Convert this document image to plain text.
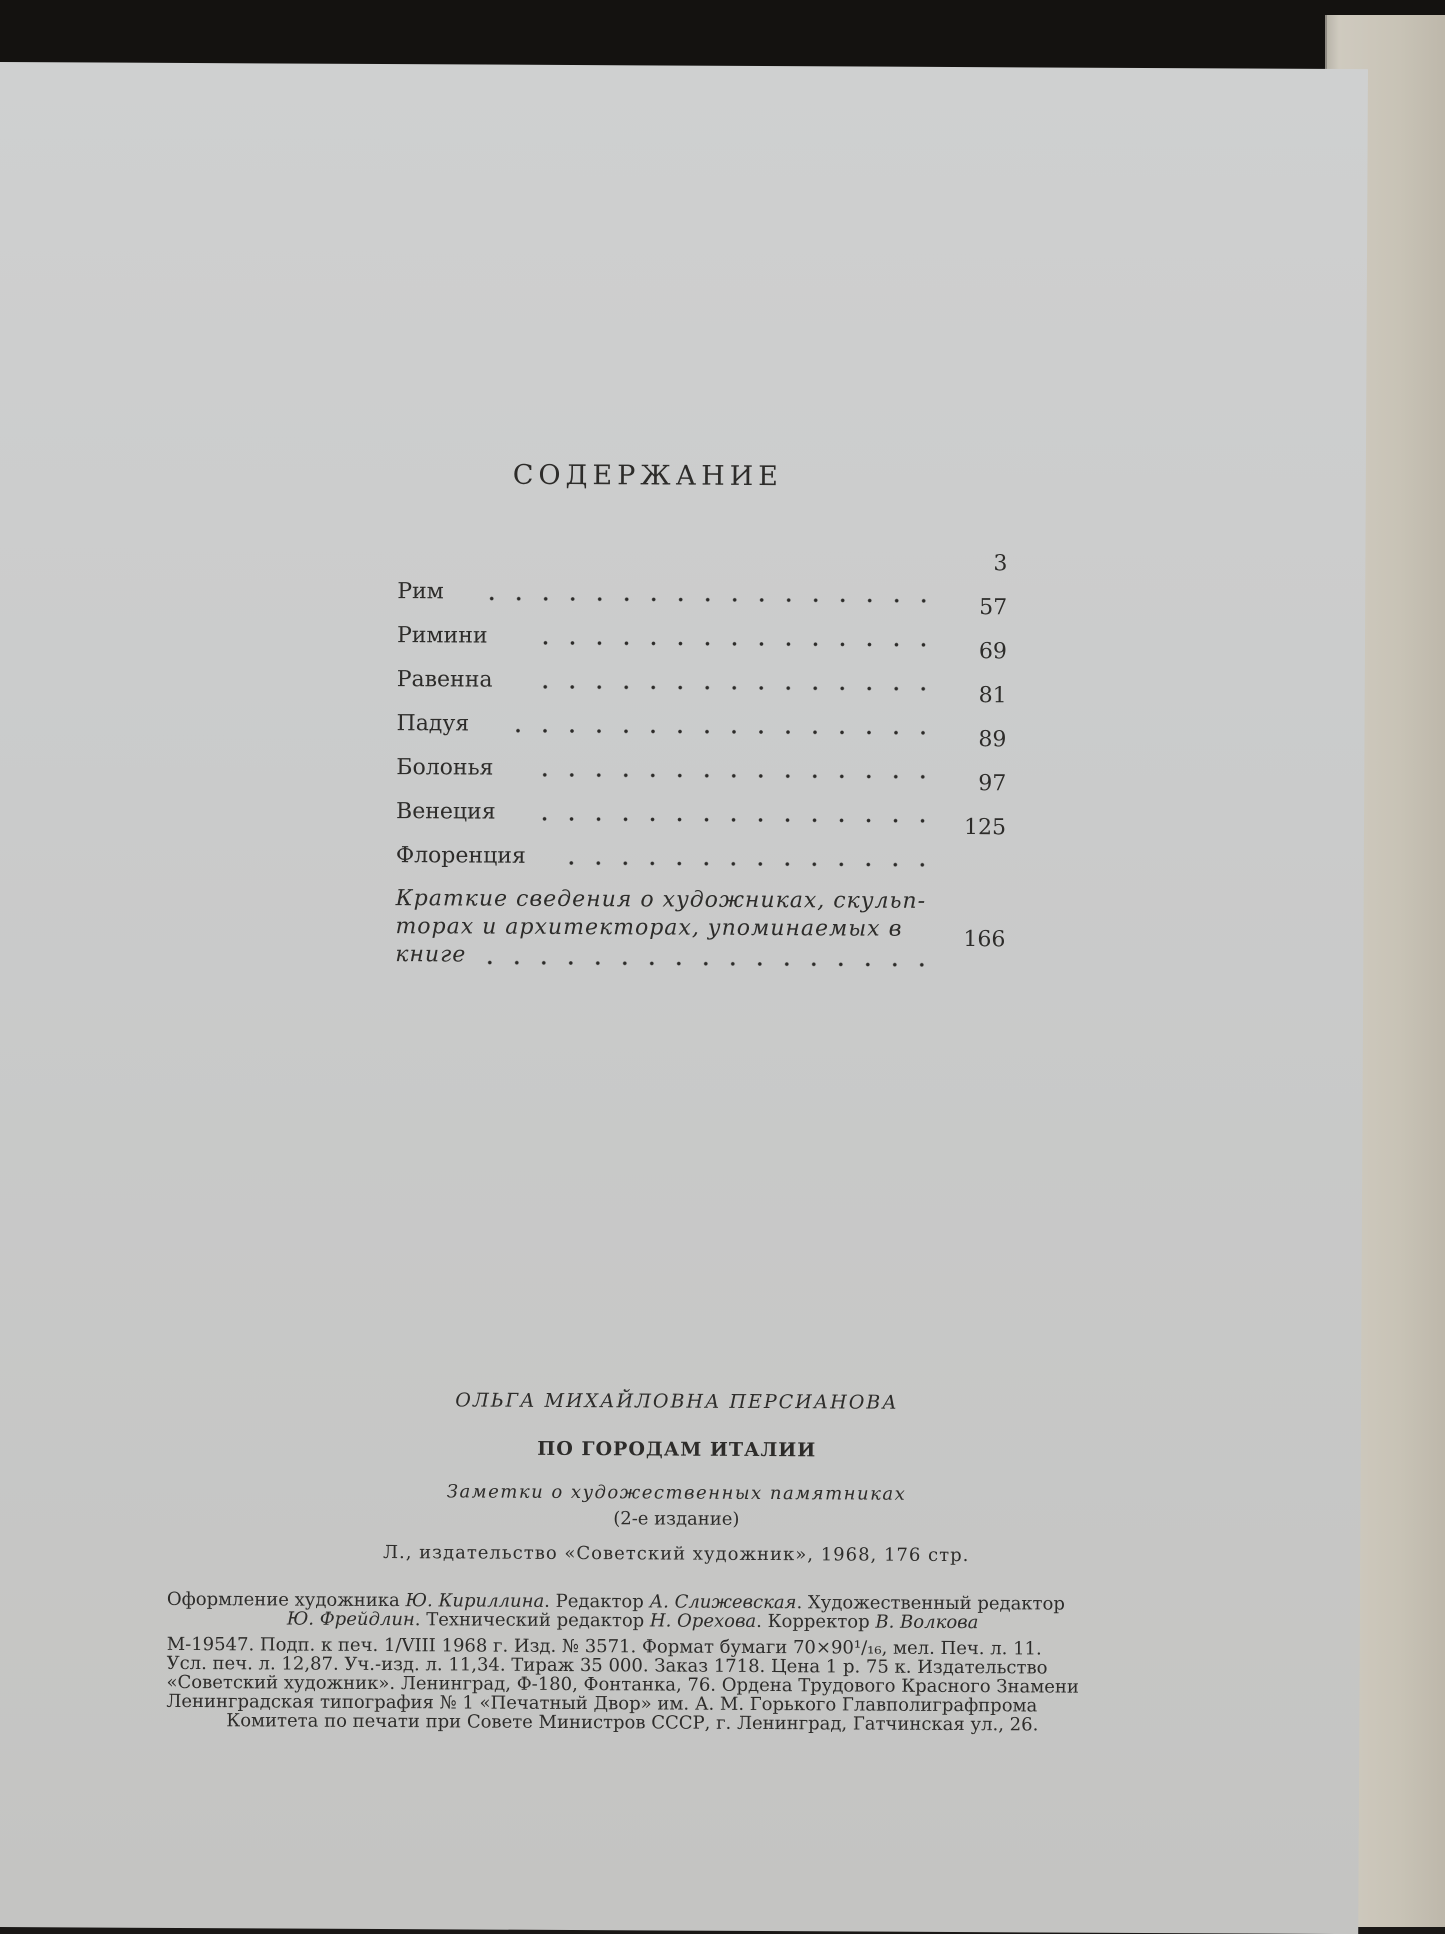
СОДЕРЖАНИЕ
Рим
3
Римини
57
Равенна
69
Падуя
81
Болонья
89
Венеция
97
Флоренция
125
Краткие сведения о художниках, скульп-
торах и архитекторах, упоминаемых в
книге
166
ОЛЬГА МИХАЙЛОВНА ПЕРСИАНОВА
ПО ГОРОДАМ ИТАЛИИ
Заметки о художественных памятниках
(2-е издание)
Л., издательство «Советский художник», 1968, 176 стр.
Оформление художника Ю. Кириллина. Редактор А. Слижевская. Художественный редактор
Ю. Фрейдлин. Технический редактор Н. Орехова. Корректор В. Волкова
М-19547. Подп. к печ. 1/VIII 1968 г. Изд. № 3571. Формат бумаги 70×90¹/₁₆, мел. Печ. л. 11.
Усл. печ. л. 12,87. Уч.-изд. л. 11,34. Тираж 35 000. Заказ 1718. Цена 1 р. 75 к. Издательство
«Советский художник». Ленинград, Ф-180, Фонтанка, 76. Ордена Трудового Красного Знамени
Ленинградская типография № 1 «Печатный Двор» им. А. М. Горького Главполиграфпрома
Комитета по печати при Совете Министров СССР, г. Ленинград, Гатчинская ул., 26.
